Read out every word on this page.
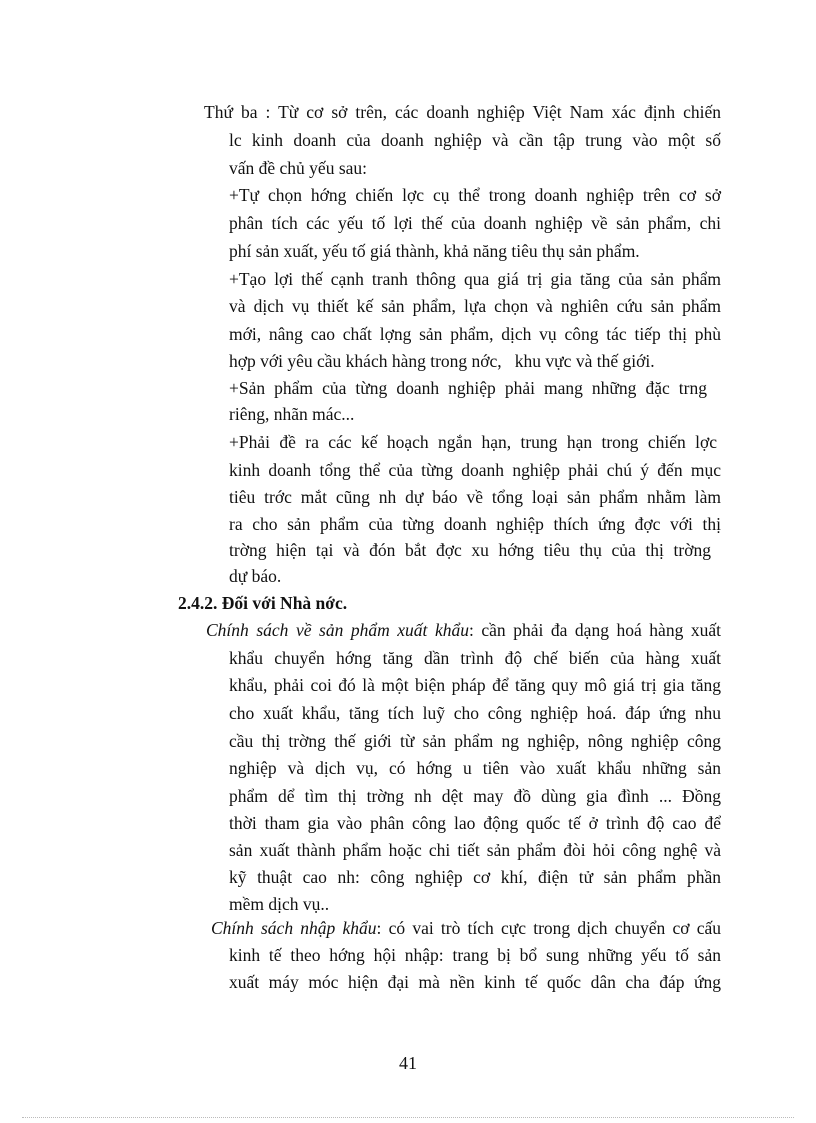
Thứ ba : Từ cơ sở trên, các doanh nghiệp Việt Nam xác định chiến
lc kinh doanh của doanh nghiệp và cần tập trung vào một số
vấn đề chủ yếu sau:
+Tự chọn hớng chiến lợc cụ thể trong doanh nghiệp trên cơ sở
phân tích các yếu tố lợi thế của doanh nghiệp về sản phẩm, chi
phí sản xuất, yếu tố giá thành, khả năng tiêu thụ sản phẩm.
+Tạo lợi thế cạnh tranh thông qua giá trị gia tăng của sản phẩm
và dịch vụ thiết kế sản phẩm, lựa chọn và nghiên cứu sản phẩm
mới, nâng cao chất lợng sản phẩm, dịch vụ công tác tiếp thị phù
hợp với yêu cầu khách hàng trong nớc,   khu vực và thế giới.
+Sản phẩm của từng doanh nghiệp phải mang những đặc trng
riêng, nhãn mác...
+Phải đề ra các kế hoạch ngắn hạn, trung hạn trong chiến lợc
kinh doanh tổng thể của từng doanh nghiệp phải chú ý đến mục
tiêu trớc mắt cũng nh dự báo về tổng loại sản phẩm nhằm làm
ra cho sản phẩm của từng doanh nghiệp thích ứng đợc với thị
trờng hiện tại và đón bắt đợc xu hớng tiêu thụ của thị trờng
dự báo.
2.4.2. Đối với Nhà nớc.
Chính sách về sản phẩm xuất khẩu: cần phải đa dạng hoá hàng xuất
khẩu chuyển hớng tăng dần trình độ chế biến của hàng xuất
khẩu, phải coi đó là một biện pháp để tăng quy mô giá trị gia tăng
cho xuất khẩu, tăng tích luỹ cho công nghiệp hoá. đáp ứng nhu
cầu thị trờng thế giới từ sản phẩm ng nghiệp, nông nghiệp công
nghiệp và dịch vụ, có hớng u tiên vào xuất khẩu những sản
phẩm dể tìm thị trờng nh dệt may đồ dùng gia đình ... Đồng
thời tham gia vào phân công lao động quốc tế ở trình độ cao để
sản xuất thành phẩm hoặc chi tiết sản phẩm đòi hỏi công nghệ và
kỹ thuật cao nh: công nghiệp cơ khí, điện tử sản phẩm phần
mềm dịch vụ..
Chính sách nhập khẩu: có vai trò tích cực trong dịch chuyển cơ cấu
kinh tế theo hớng hội nhập: trang bị bổ sung những yếu tố sản
xuất máy móc hiện đại mà nền kinh tế quốc dân cha đáp ứng
41
